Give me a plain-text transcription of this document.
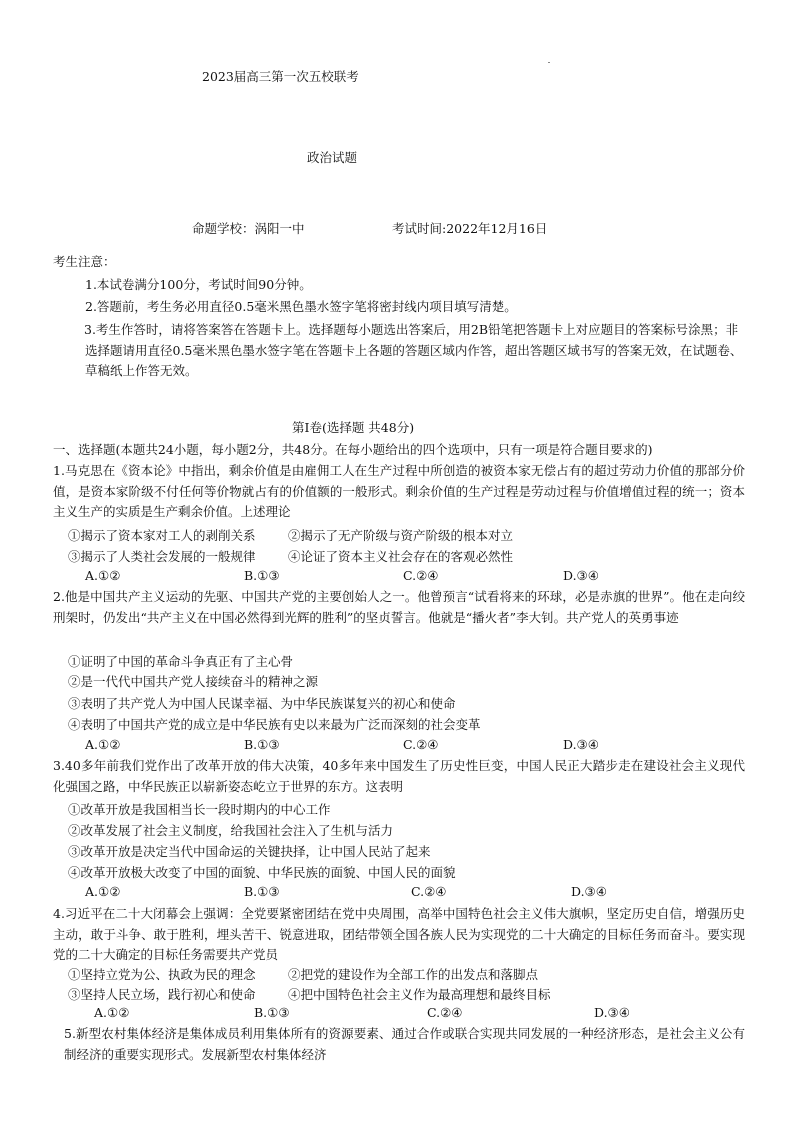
2023届高三第一次五校联考
政治试题
命题学校：涡阳一中	考试时间:2022年12月16日
考生注意：
1.本试卷满分100分，考试时间90分钟。
2.答题前，考生务必用直径0.5毫米黑色墨水签字笔将密封线内项目填写清楚。
3.考生作答时，请将答案答在答题卡上。选择题每小题选出答案后，用2B铅笔把答题卡上对应题目的答案标号涂黑；非选择题请用直径0.5毫米黑色墨水签字笔在答题卡上各题的答题区域内作答，超出答题区域书写的答案无效，在试题卷、草稿纸上作答无效。
第Ⅰ卷(选择题 共48分)
一、选择题(本题共24小题，每小题2分，共48分。在每小题给出的四个选项中，只有一项是符合题目要求的)
1.马克思在《资本论》中指出，剩余价值是由雇佣工人在生产过程中所创造的被资本家无偿占有的超过劳动力价值的那部分价值，是资本家阶级不付任何等价物就占有的价值额的一般形式。剩余价值的生产过程是劳动过程与价值增值过程的统一；资本主义生产的实质是生产剩余价值。上述理论
①揭示了资本家对工人的剥削关系	②揭示了无产阶级与资产阶级的根本对立
③揭示了人类社会发展的一般规律	④论证了资本主义社会存在的客观必然性
A.①②	B.①③	C.②④	D.③④
2.他是中国共产主义运动的先驱、中国共产党的主要创始人之一。他曾预言“试看将来的环球，必是赤旗的世界”。他在走向绞刑架时，仍发出“共产主义在中国必然得到光辉的胜利”的坚贞誓言。他就是“播火者”李大钊。共产党人的英勇事迹
①证明了中国的革命斗争真正有了主心骨
②是一代代中国共产党人接续奋斗的精神之源
③表明了共产党人为中国人民谋幸福、为中华民族谋复兴的初心和使命
④表明了中国共产党的成立是中华民族有史以来最为广泛而深刻的社会变革
A.①②	B.①③	C.②④	D.③④
3.40多年前我们党作出了改革开放的伟大决策，40多年来中国发生了历史性巨变，中国人民正大踏步走在建设社会主义现代化强国之路，中华民族正以崭新姿态屹立于世界的东方。这表明
①改革开放是我国相当长一段时期内的中心工作
②改革发展了社会主义制度，给我国社会注入了生机与活力
③改革开放是决定当代中国命运的关键抉择，让中国人民站了起来
④改革开放极大改变了中国的面貌、中华民族的面貌、中国人民的面貌
A.①②	B.①③	C.②④	D.③④
4.习近平在二十大闭幕会上强调：全党要紧密团结在党中央周围，高举中国特色社会主义伟大旗帜，坚定历史自信，增强历史主动，敢于斗争、敢于胜利，埋头苦干、锐意进取，团结带领全国各族人民为实现党的二十大确定的目标任务而奋斗。要实现党的二十大确定的目标任务需要共产党员
①坚持立党为公、执政为民的理念	②把党的建设作为全部工作的出发点和落脚点
③坚持人民立场，践行初心和使命	④把中国特色社会主义作为最高理想和最终目标
A.①②	B.①③	C.②④	D.③④
5.新型农村集体经济是集体成员利用集体所有的资源要素、通过合作或联合实现共同发展的一种经济形态，是社会主义公有制经济的重要实现形式。发展新型农村集体经济
